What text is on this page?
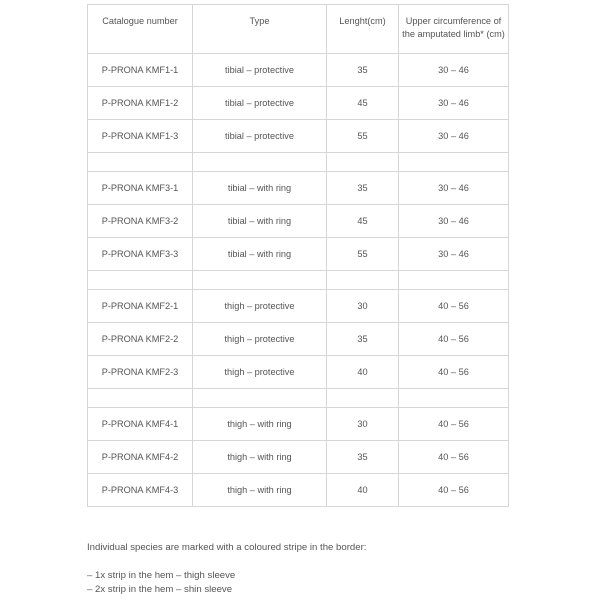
Catalogue number	Type	Lenght(cm)	Upper circumference of the amputated limb* (cm)
P-PRONA KMF1-1	tibial – protective	35	30 – 46
P-PRONA KMF1-2	tibial – protective	45	30 – 46
P-PRONA KMF1-3	tibial – protective	55	30 – 46

P-PRONA KMF3-1	tibial – with ring	35	30 – 46
P-PRONA KMF3-2	tibial – with ring	45	30 – 46
P-PRONA KMF3-3	tibial – with ring	55	30 – 46

P-PRONA KMF2-1	thigh – protective	30	40 – 56
P-PRONA KMF2-2	thigh – protective	35	40 – 56
P-PRONA KMF2-3	thigh – protective	40	40 – 56

P-PRONA KMF4-1	thigh – with ring	30	40 – 56
P-PRONA KMF4-2	thigh – with ring	35	40 – 56
P-PRONA KMF4-3	thigh – with ring	40	40 – 56
Individual species are marked with a coloured stripe in the border:
– 1x strip in the hem – thigh sleeve
– 2x strip in the hem – shin sleeve
